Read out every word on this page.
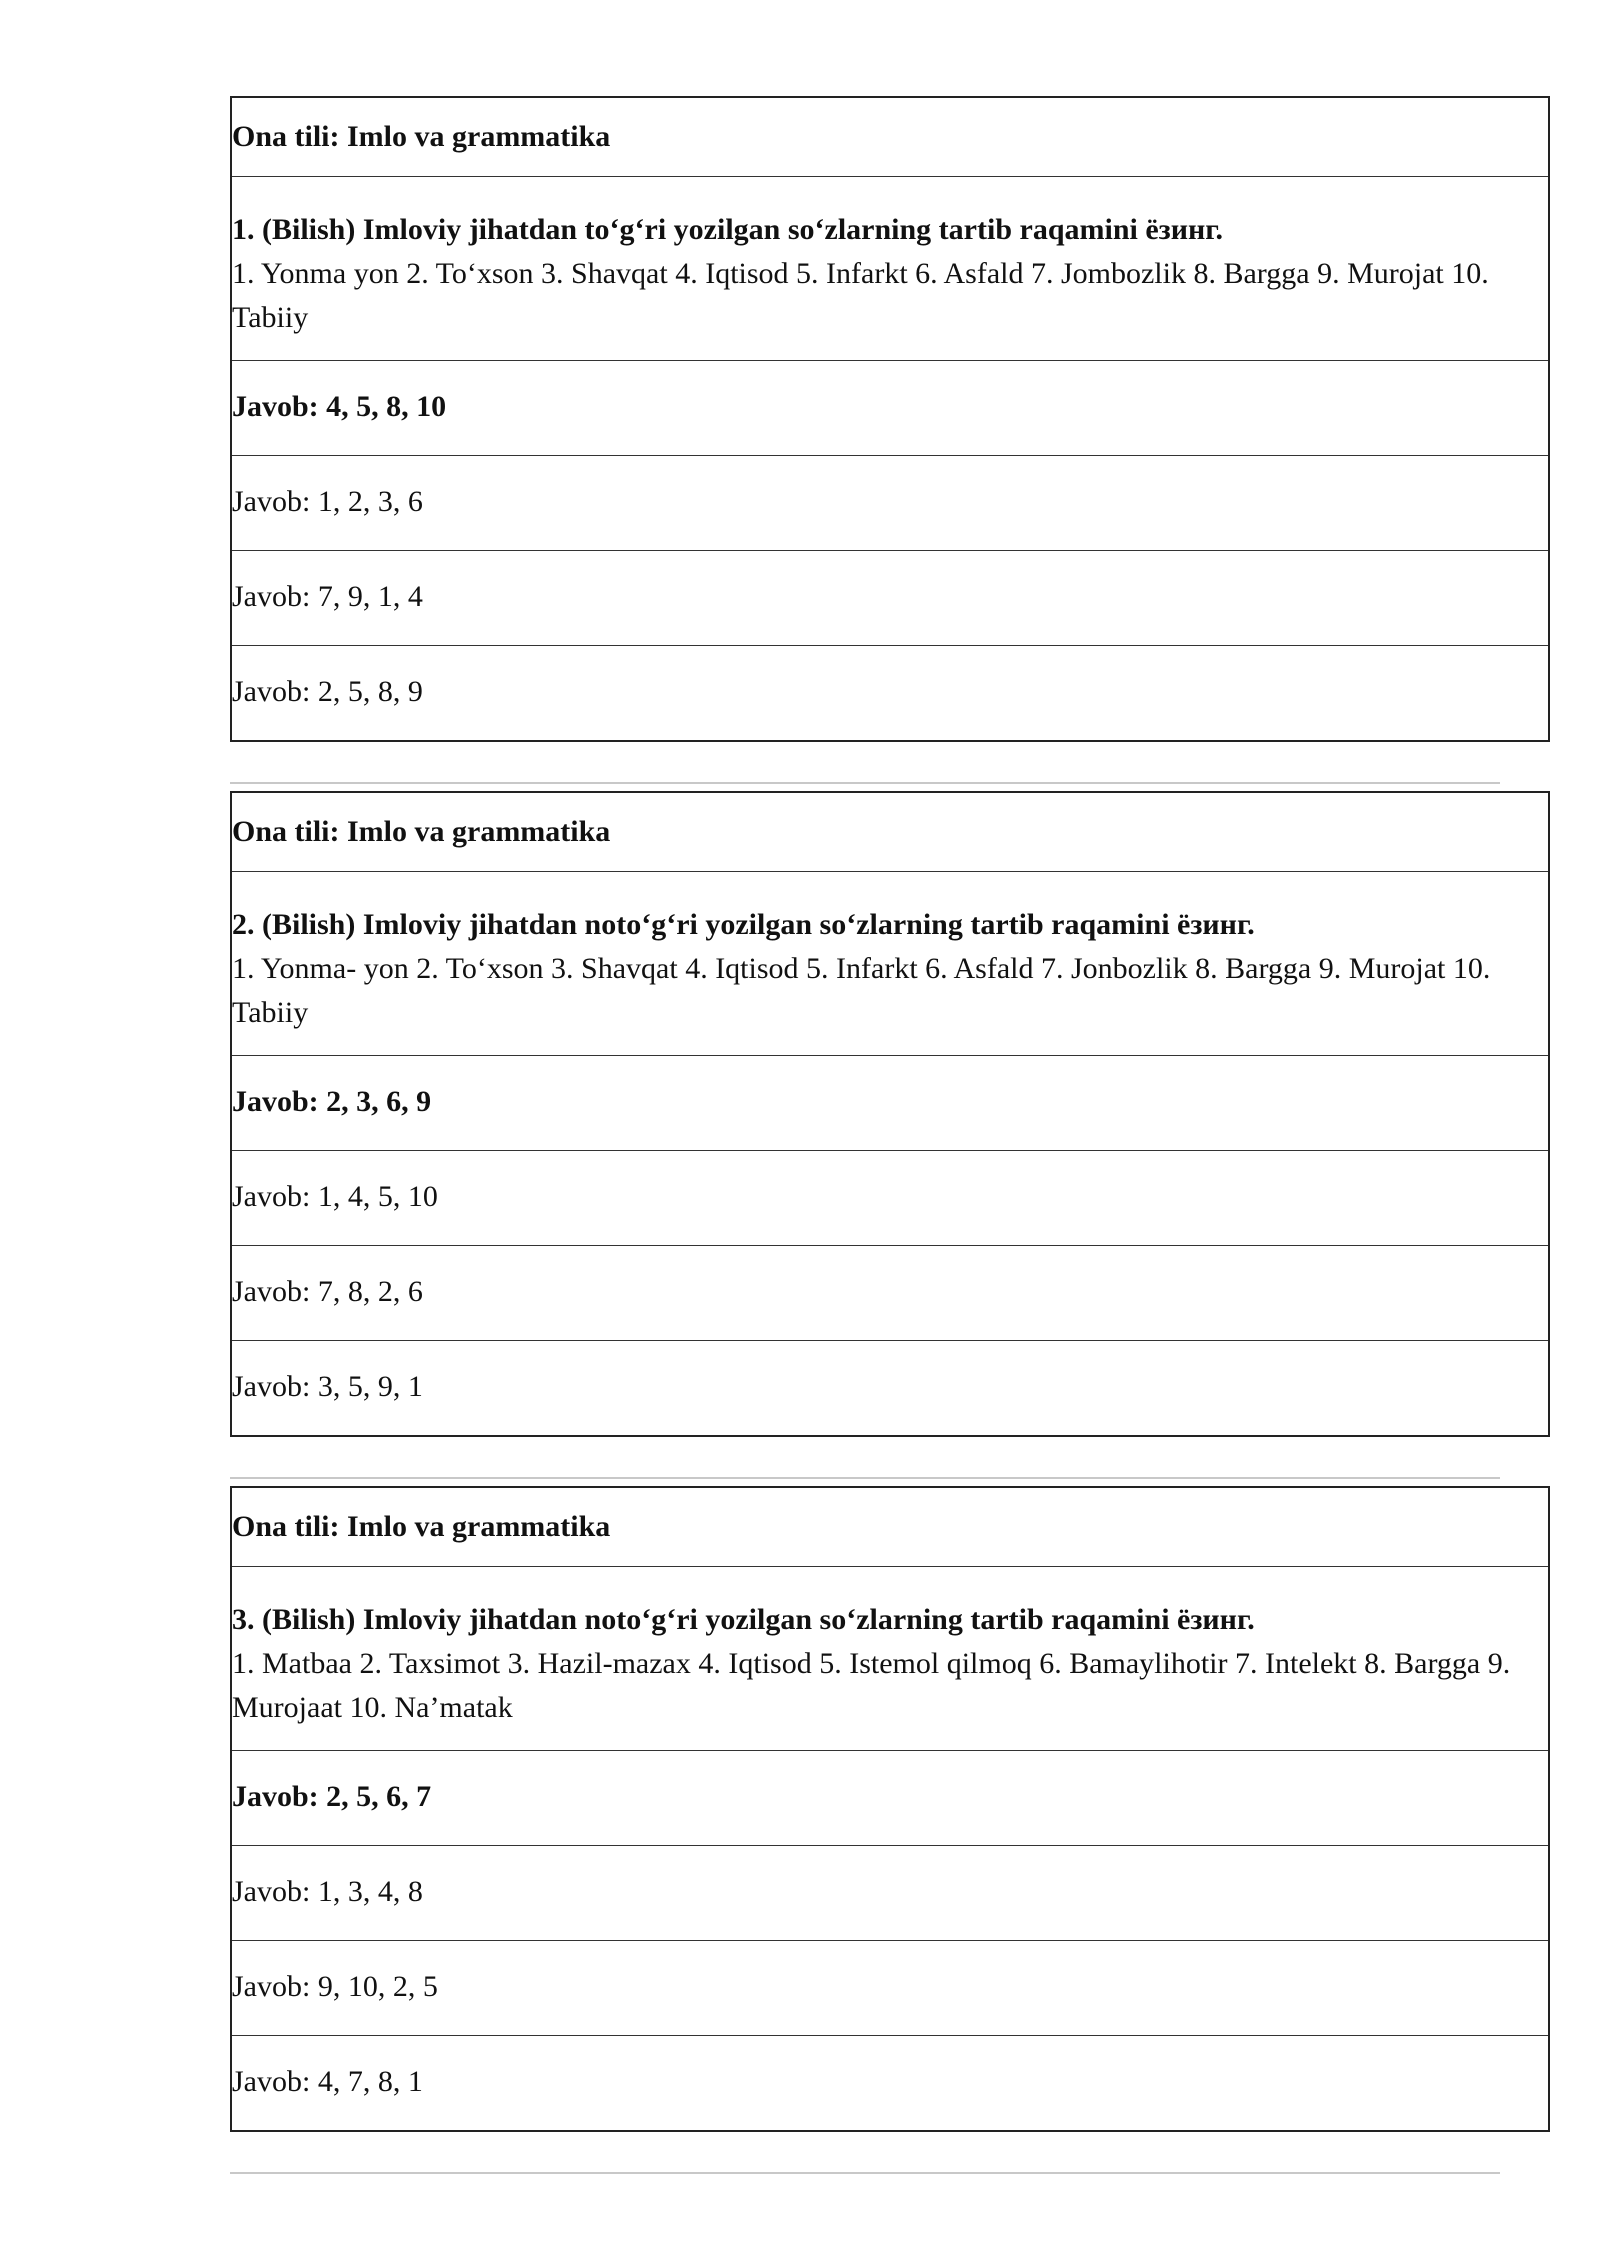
Ona tili: Imlo va grammatika
1. (Bilish) Imloviy jihatdan to‘g‘ri yozilgan so‘zlarning tartib raqamini ёзинг.
1. Yonma yon 2. To‘xson 3. Shavqat 4. Iqtisod 5. Infarkt 6. Asfald 7. Jombozlik 8. Bargga 9. Murojat 10. Tabiiy
Javob: 4, 5, 8, 10
Javob: 1, 2, 3, 6
Javob: 7, 9, 1, 4
Javob: 2, 5, 8, 9
Ona tili: Imlo va grammatika
2. (Bilish) Imloviy jihatdan noto‘g‘ri yozilgan so‘zlarning tartib raqamini ёзинг.
1. Yonma- yon 2. To‘xson 3. Shavqat 4. Iqtisod 5. Infarkt 6. Asfald 7. Jonbozlik 8. Bargga 9. Murojat 10. Tabiiy
Javob: 2, 3, 6, 9
Javob: 1, 4, 5, 10
Javob: 7, 8, 2, 6
Javob: 3, 5, 9, 1
Ona tili: Imlo va grammatika
3. (Bilish) Imloviy jihatdan noto‘g‘ri yozilgan so‘zlarning tartib raqamini ёзинг.
1. Matbaa 2. Taxsimot 3. Hazil-mazax 4. Iqtisod 5. Istemol qilmoq 6. Bamaylihotir 7. Intelekt 8. Bargga 9. Murojaat 10. Na’matak
Javob: 2, 5, 6, 7
Javob: 1, 3, 4, 8
Javob: 9, 10, 2, 5
Javob: 4, 7, 8, 1
